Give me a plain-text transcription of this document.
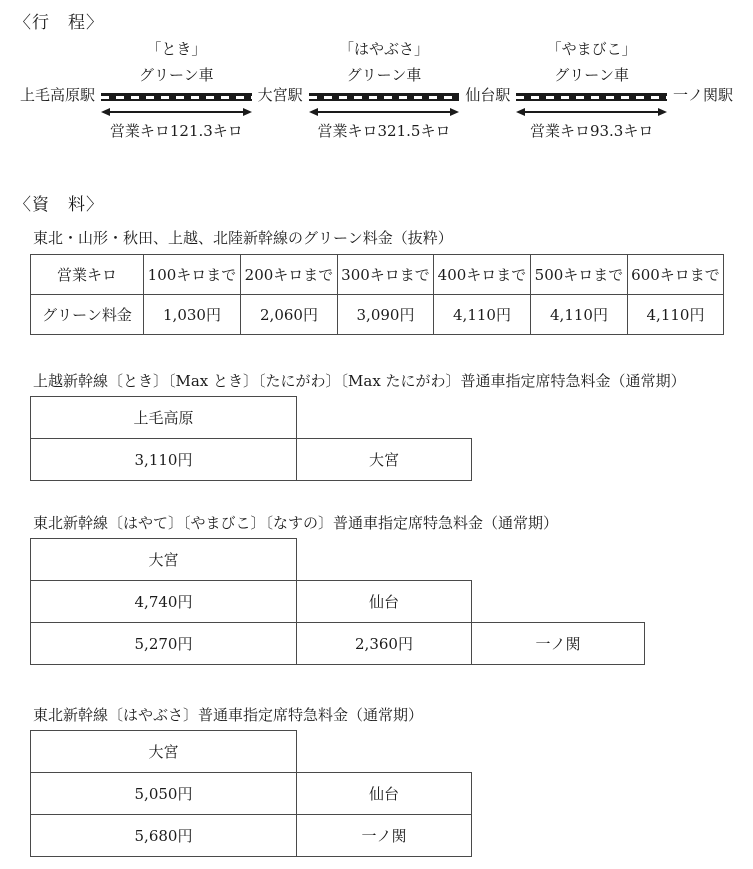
〈行　程〉
上毛高原駅
「とき」
グリーン車
営業キロ121.3キロ
大宮駅
「はやぶさ」
グリーン車
営業キロ321.5キロ
仙台駅
「やまびこ」
グリーン車
営業キロ93.3キロ
一ノ関駅
〈資　料〉
東北・山形・秋田、上越、北陸新幹線のグリーン料金（抜粋）
営業キロ	100キロまで	200キロまで	300キロまで	400キロまで	500キロまで	600キロまで
グリーン料金	1,030円	2,060円	3,090円	4,110円	4,110円	4,110円
上越新幹線〔とき〕〔Max とき〕〔たにがわ〕〔Max たにがわ〕普通車指定席特急料金（通常期）
上毛高原
3,110円	大宮
東北新幹線〔はやて〕〔やまびこ〕〔なすの〕普通車指定席特急料金（通常期）
大宮
4,740円	仙台
5,270円	2,360円	一ノ関
東北新幹線〔はやぶさ〕普通車指定席特急料金（通常期）
大宮
5,050円	仙台
5,680円	一ノ関
